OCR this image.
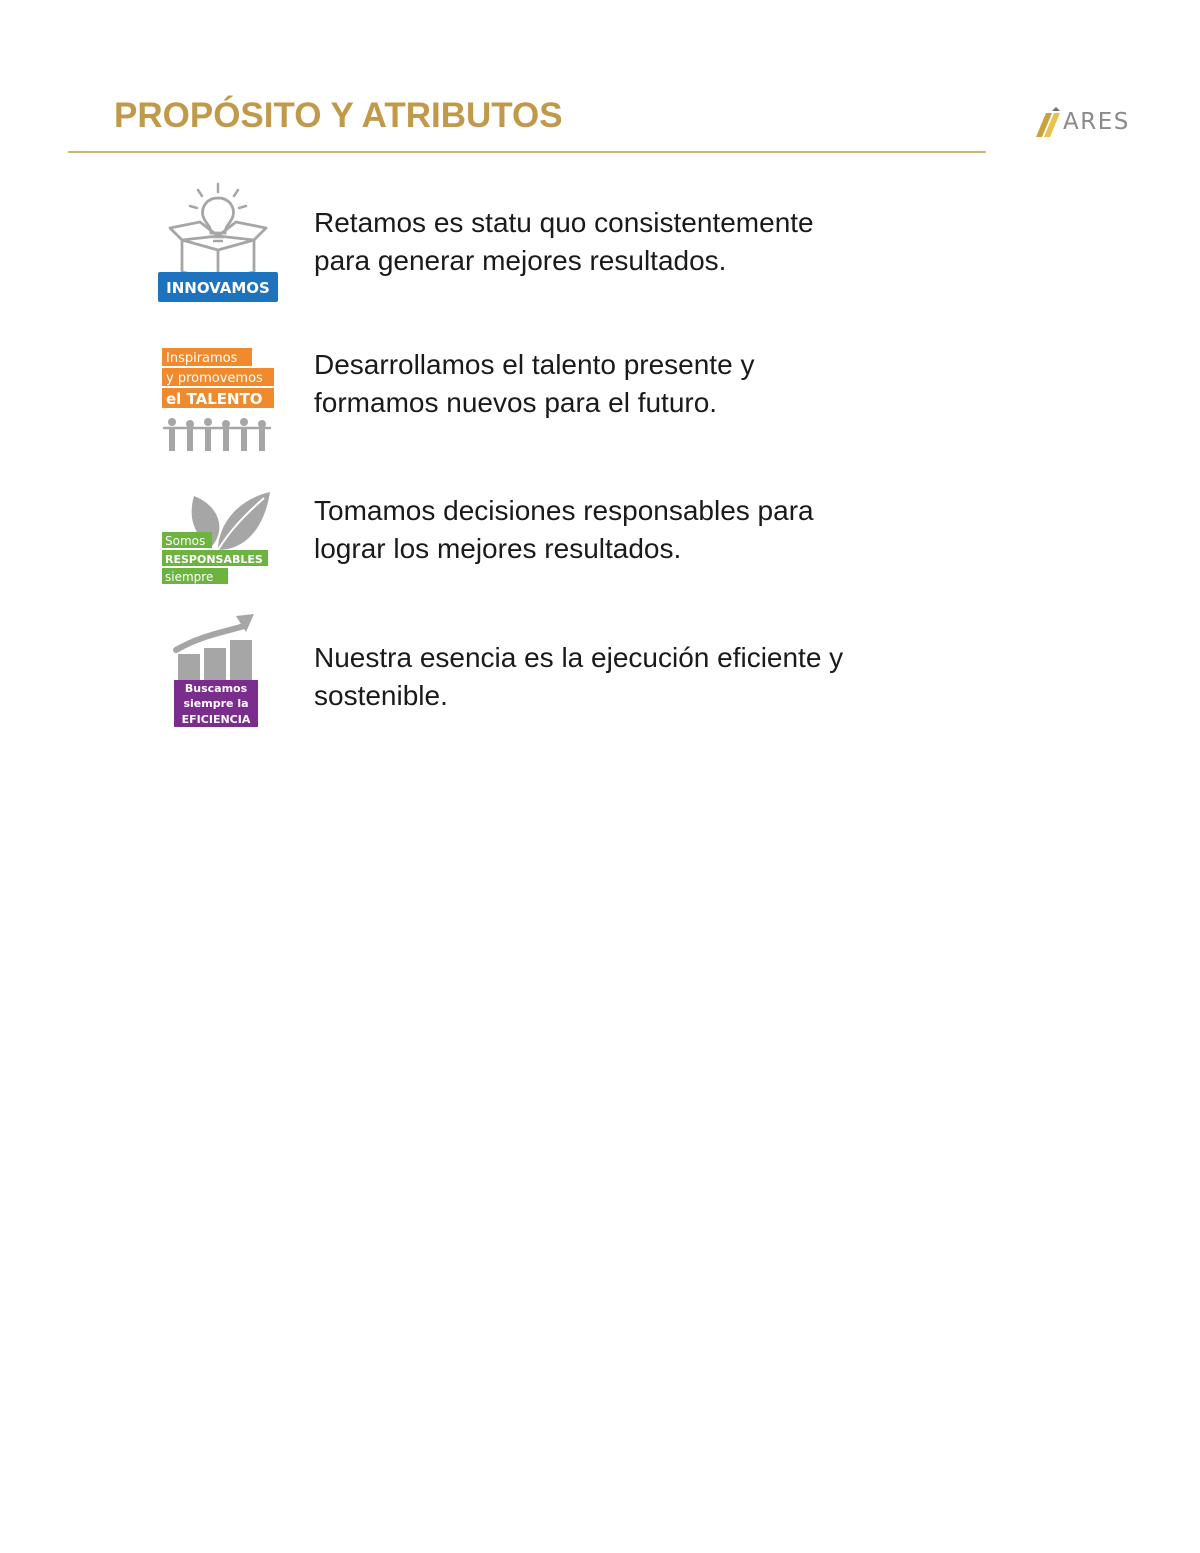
PROPÓSITO Y ATRIBUTOS	ARES
INNOVAMOS
Retamos es statu quo consistentemente
para generar mejores resultados.
Inspiramos
y promovemos
el TALENTO
Desarrollamos el talento presente y
formamos nuevos para el futuro.
Somos
RESPONSABLES
siempre
Tomamos decisiones responsables para
lograr los mejores resultados.
Buscamos
siempre la
EFICIENCIA
Nuestra esencia es la ejecución eficiente y
sostenible.
